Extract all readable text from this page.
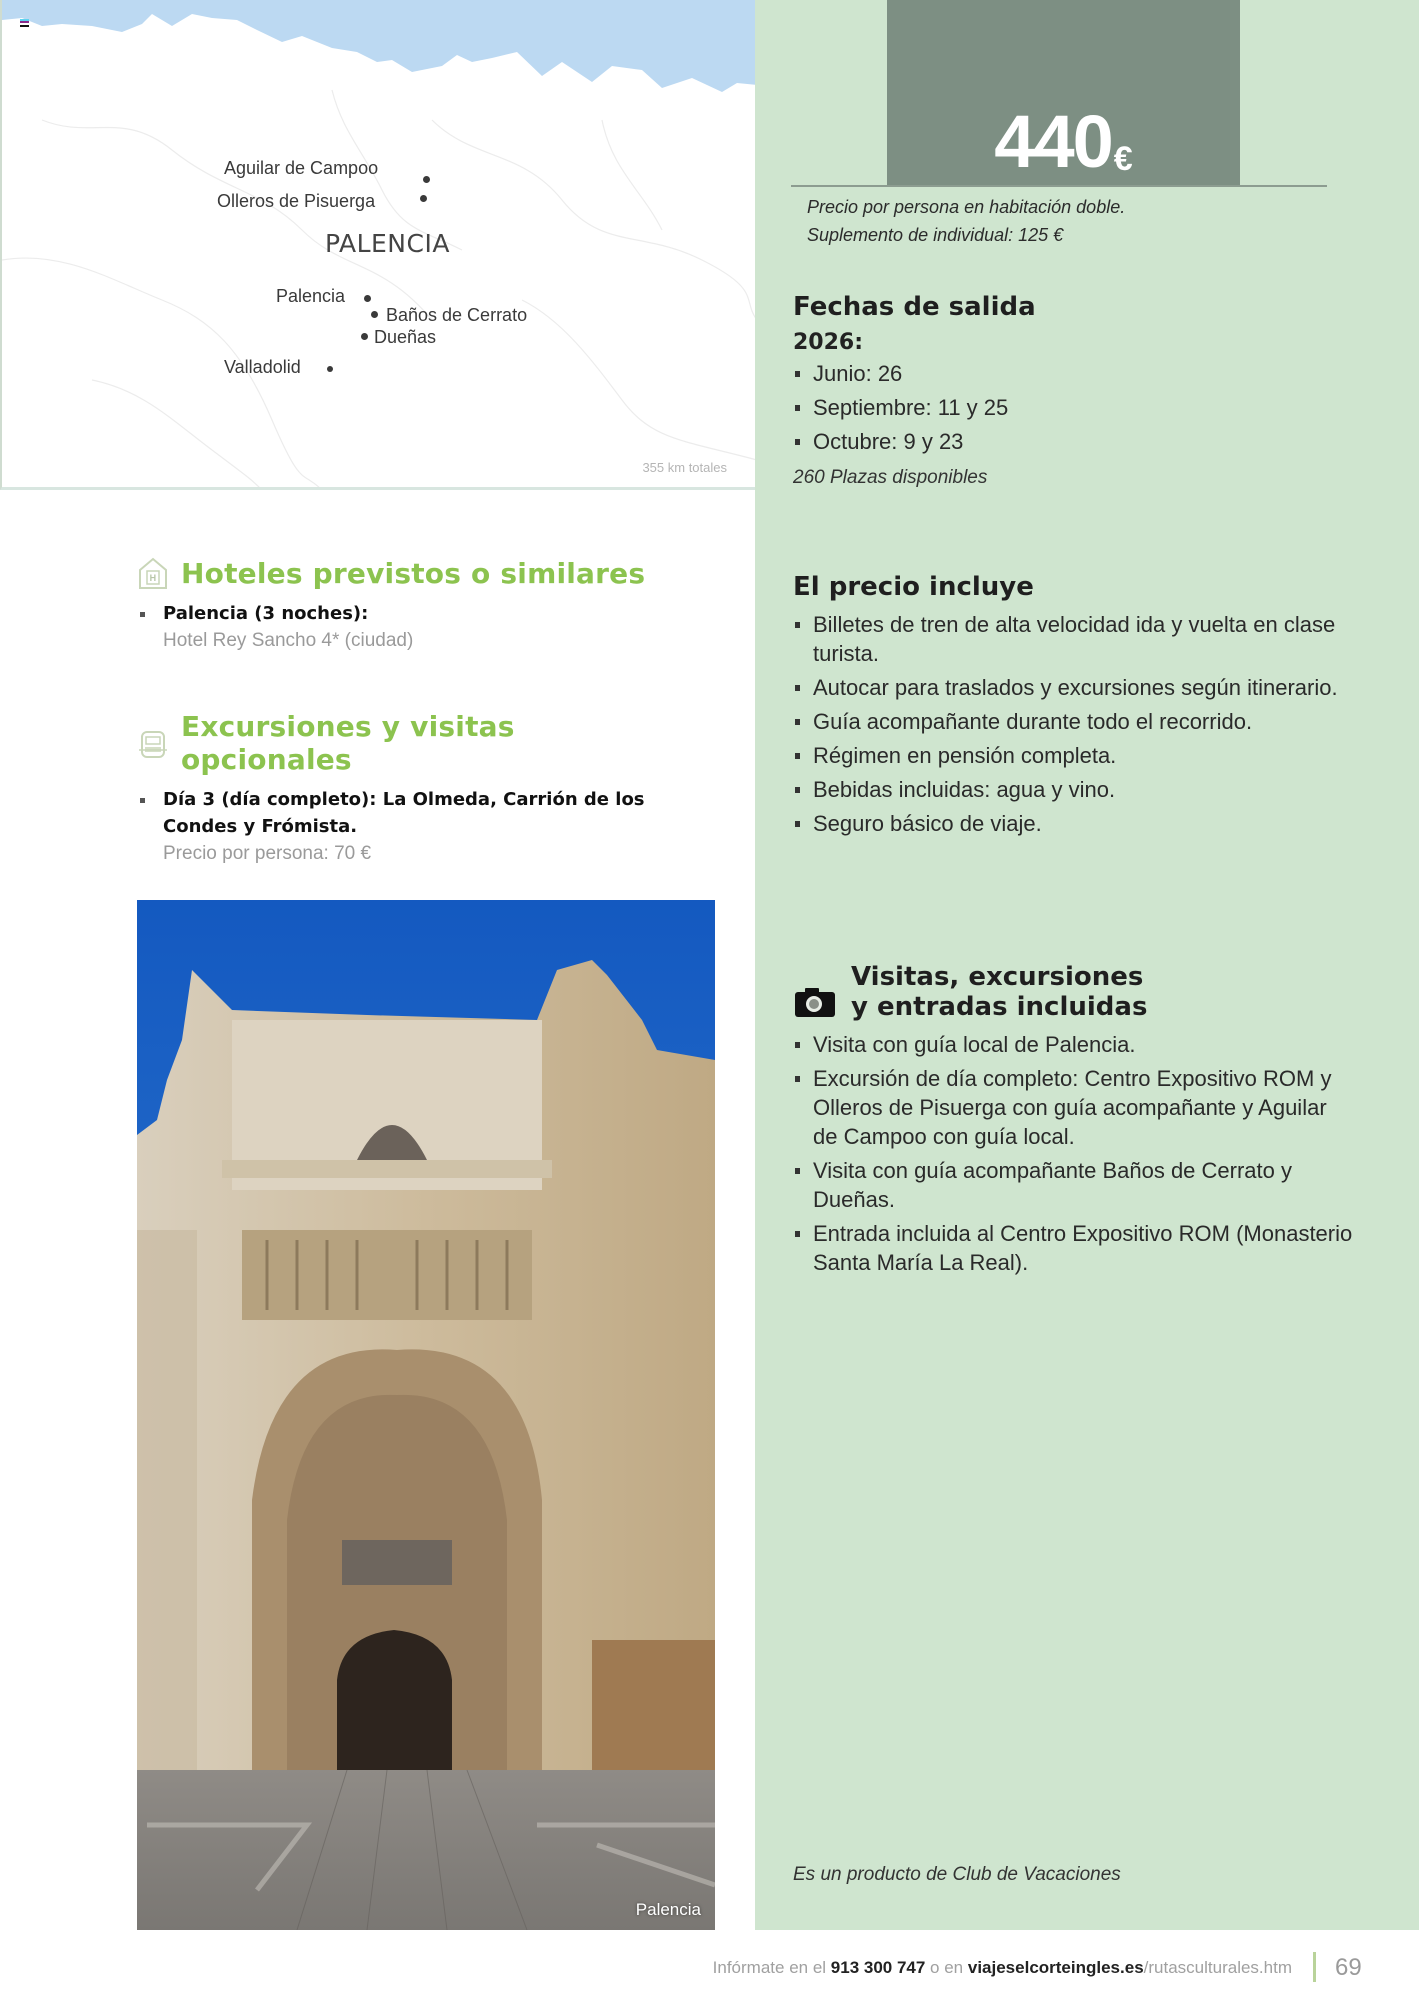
Aguilar de Campoo
Olleros de Pisuerga
PALENCIA
Palencia
Baños de Cerrato
Dueñas
Valladolid
355 km totales
H Hoteles previstos o similares
Palencia (3 noches):
Hotel Rey Sancho 4* (ciudad)
Excursiones y visitas opcionales
Día 3 (día completo): La Olmeda, Carrión de los Condes y Frómista.
Precio por persona: 70 €
Palencia
440 €
Precio por persona en habitación doble.
Suplemento de individual: 125 €
Fechas de salida
2026:
Junio: 26
Septiembre: 11 y 25
Octubre: 9 y 23
260 Plazas disponibles
El precio incluye
Billetes de tren de alta velocidad ida y vuelta en clase turista.
Autocar para traslados y excursiones según itinerario.
Guía acompañante durante todo el recorrido.
Régimen en pensión completa.
Bebidas incluidas: agua y vino.
Seguro básico de viaje.
Visitas, excursiones
y entradas incluidas
Visita con guía local de Palencia.
Excursión de día completo: Centro Expositivo ROM y Olleros de Pisuerga con guía acompañante y Aguilar de Campoo con guía local.
Visita con guía acompañante Baños de Cerrato y Dueñas.
Entrada incluida al Centro Expositivo ROM (Monasterio Santa María La Real).
Es un producto de Club de Vacaciones
Infórmate en el 913 300 747 o en viajeselcorteingles.es/rutasculturales.htm 69
